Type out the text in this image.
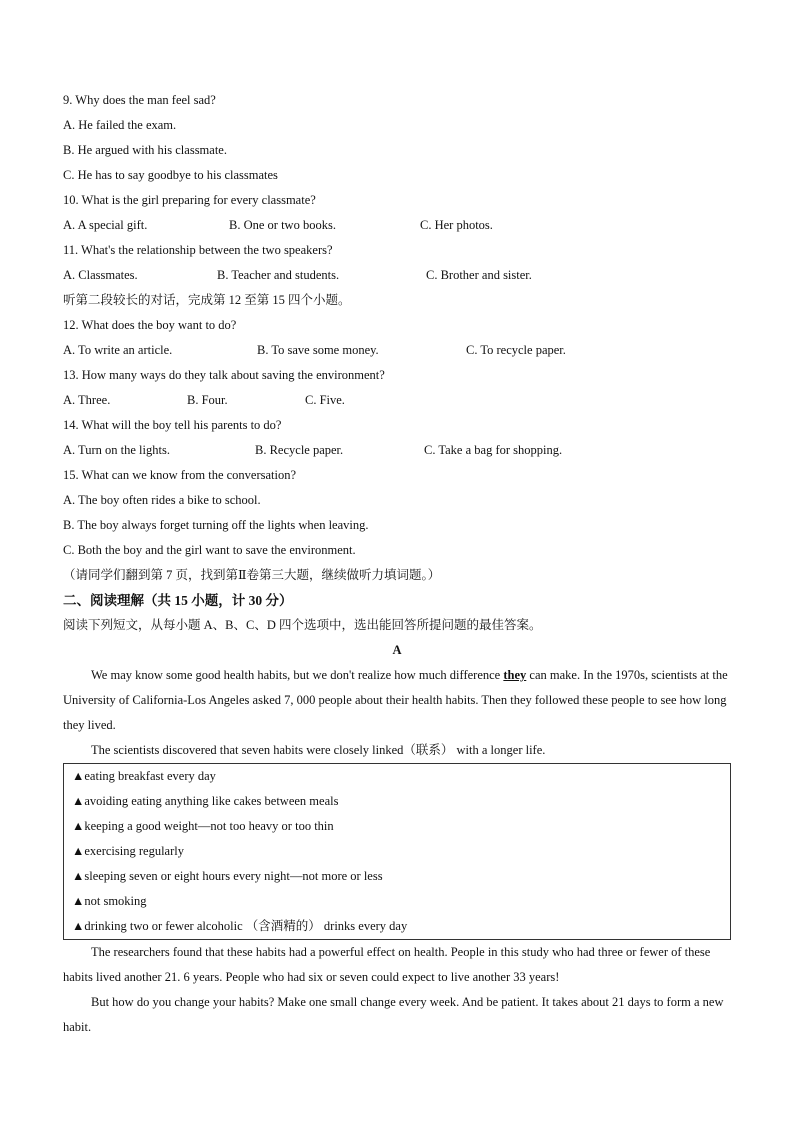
9. Why does the man feel sad?
A. He failed the exam.
B. He argued with his classmate.
C. He has to say goodbye to his classmates
10. What is the girl preparing for every classmate?
A. A special gift.	B. One or two books.	C. Her photos.
11. What's the relationship between the two speakers?
A. Classmates.	B. Teacher and students.	C. Brother and sister.
听第二段较长的对话，完成第 12 至第 15 四个小题。
12. What does the boy want to do?
A. To write an article.	B. To save some money.	C. To recycle paper.
13. How many ways do they talk about saving the environment?
A. Three.	B. Four.	C. Five.
14. What will the boy tell his parents to do?
A. Turn on the lights.	B. Recycle paper.	C. Take a bag for shopping.
15. What can we know from the conversation?
A. The boy often rides a bike to school.
B. The boy always forget turning off the lights when leaving.
C. Both the boy and the girl want to save the environment.
（请同学们翻到第 7 页，找到第Ⅱ卷第三大题，继续做听力填词题。）
二、阅读理解（共 15 小题，计 30 分）
阅读下列短文，从每小题 A、B、C、D 四个选项中，选出能回答所提问题的最佳答案。
A
We may know some good health habits, but we don't realize how much difference they can make. In the 1970s, scientists at the University of California-Los Angeles asked 7, 000 people about their health habits. Then they followed these people to see how long they lived.
The scientists discovered that seven habits were closely linked（联系） with a longer life.
▲eating breakfast every day
▲avoiding eating anything like cakes between meals
▲keeping a good weight—not too heavy or too thin
▲exercising regularly
▲sleeping seven or eight hours every night—not more or less
▲not smoking
▲drinking two or fewer alcoholic （含酒精的） drinks every day
The researchers found that these habits had a powerful effect on health. People in this study who had three or fewer of these habits lived another 21. 6 years. People who had six or seven could expect to live another 33 years!
But how do you change your habits? Make one small change every week. And be patient. It takes about 21 days to form a new habit.
